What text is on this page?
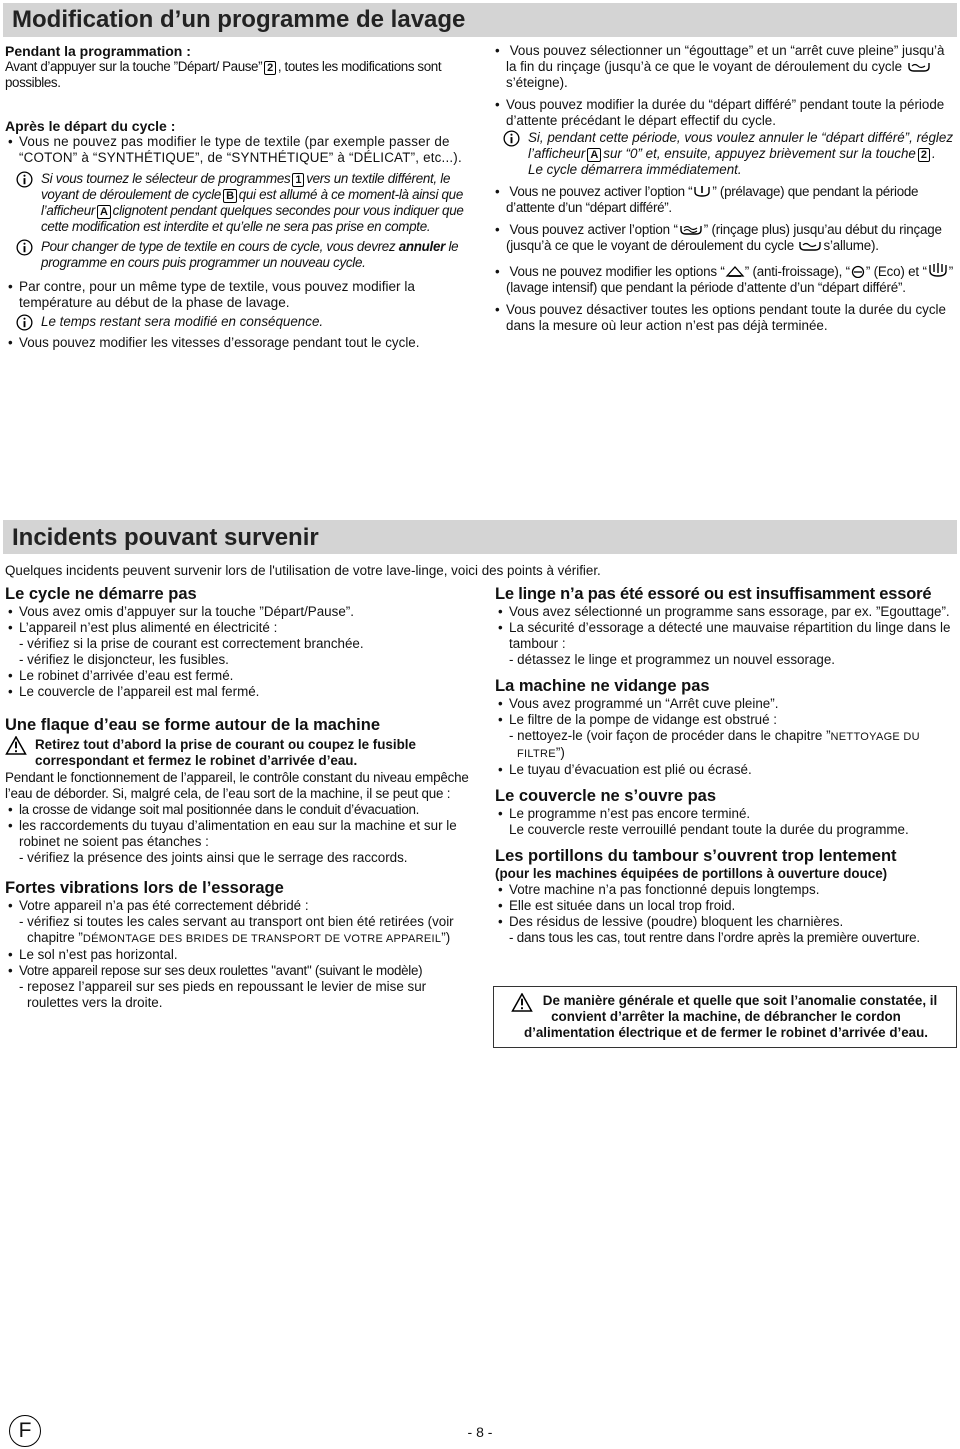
Modification d’un programme de lavage

Pendant la programmation :

Avant d’appuyer sur la touche ”Départ/ Pause” 2 , toutes les modifications sont possibles.

Après le départ du cycle :

• Vous ne pouvez pas modifier le type de textile (par exemple passer de “COTON” à “SYNTHÉTIQUE”, de “SYNTHÉTIQUE” à “DÉLICAT”, etc...).

Si vous tournez le sélecteur de programmes 1 vers un textile différent, le voyant de déroulement de cycle B qui est allumé à ce moment-là ainsi que l’afficheur A clignotent pendant quelques secondes pour vous indiquer que cette modification est interdite et qu’elle ne sera pas prise en compte.
Pour changer de type de textile en cours de cycle, vous devrez annuler le programme en cours puis programmer un nouveau cycle.

• Par contre, pour un même type de textile, vous pouvez modifier la température au début de la phase de lavage.

Le temps restant sera modifié en conséquence.

• Vous pouvez modifier les vitesses d’essorage pendant tout le cycle.

• Vous pouvez sélectionner un “égouttage” et un “arrêt cuve pleine” jusqu’à la fin du rinçage (jusqu’à ce que le voyant de déroulement du cycle  s’éteigne).

• Vous pouvez modifier la durée du “départ différé” pendant toute la période d’attente précédant le départ effectif du cycle.

Si, pendant cette période, vous voulez annuler le “départ différé”, réglez l’afficheur A sur “0” et, ensuite, appuyez brièvement sur la touche 2 .
Le cycle démarrera immédiatement.

• Vous ne pouvez activer l’option “ ” (prélavage) que pendant la période d’attente d’un “départ différé”.

• Vous pouvez activer l’option “ ” (rinçage plus) jusqu’au début du rinçage (jusqu’à ce que le voyant de déroulement du cycle s’allume).

• Vous ne pouvez modifier les options “ ” (anti-froissage), “ ” (Eco) et “ ” (lavage intensif) que pendant la période d’attente d’un “départ différé”.

• Vous pouvez désactiver toutes les options pendant toute la durée du cycle dans la mesure où leur action n’est pas déjà terminée.

Incidents pouvant survenir

Quelques incidents peuvent survenir lors de l'utilisation de votre lave-linge, voici des points à vérifier.

Le cycle ne démarre pas

• Vous avez omis d’appuyer sur la touche ”Départ/Pause”.

• L’appareil n’est plus alimenté en électricité :

- vérifiez si la prise de courant est correctement branchée.

- vérifiez le disjoncteur, les fusibles.

• Le robinet d’arrivée d’eau est fermé.

• Le couvercle de l’appareil est mal fermé.

Une flaque d’eau se forme autour de la machine

Retirez tout d’abord la prise de courant ou coupez le fusible correspondant et fermez le robinet d’arrivée d’eau.

Pendant le fonctionnement de l’appareil, le contrôle constant du niveau empêche l’eau de déborder. Si, malgré cela, de l’eau sort de la machine, il se peut que :

• la crosse de vidange soit mal positionnée dans le conduit d’évacuation.

• les raccordements du tuyau d’alimentation en eau sur la machine et sur le robinet ne soient pas étanches :

- vérifiez la présence des joints ainsi que le serrage des raccords.

Fortes vibrations lors de l’essorage

• Votre appareil n’a pas été correctement débridé :

- vérifiez si toutes les cales servant au transport ont bien été retirées (voir chapitre ”DÉMONTAGE DES BRIDES DE TRANSPORT DE VOTRE APPAREIL”)

• Le sol n’est pas horizontal.

• Votre appareil repose sur ses deux roulettes "avant" (suivant le modèle)

- reposez l’appareil sur ses pieds en repoussant le levier de mise sur roulettes vers la droite.

Le linge n’a pas été essoré ou est insuffisamment essoré

• Vous avez sélectionné un programme sans essorage, par ex. ”Egouttage”.

• La sécurité d’essorage a détecté une mauvaise répartition du linge dans le tambour :

- détassez le linge et programmez un nouvel essorage.

La machine ne vidange pas

• Vous avez programmé un “Arrêt cuve pleine”.

• Le filtre de la pompe de vidange est obstrué :

- nettoyez-le (voir façon de procéder dans le chapitre ”NETTOYAGE DU FILTRE”)

• Le tuyau d’évacuation est plié ou écrasé.

Le couvercle ne s’ouvre pas

• Le programme n’est pas encore terminé.

Le couvercle reste verrouillé pendant toute la durée du programme.

Les portillons du tambour s’ouvrent trop lentement

(pour les machines équipées de portillons à ouverture douce)

• Votre machine n’a pas fonctionné depuis longtemps.

• Elle est située dans un local trop froid.

• Des résidus de lessive (poudre) bloquent les charnières.

- dans tous les cas, tout rentre dans l’ordre après la première ouverture.

De manière générale et quelle que soit l’anomalie constatée, il convient d’arrêter la machine, de débrancher le cordon d’alimentation électrique et de fermer le robinet d’arrivée d’eau.

F	- 8 -
